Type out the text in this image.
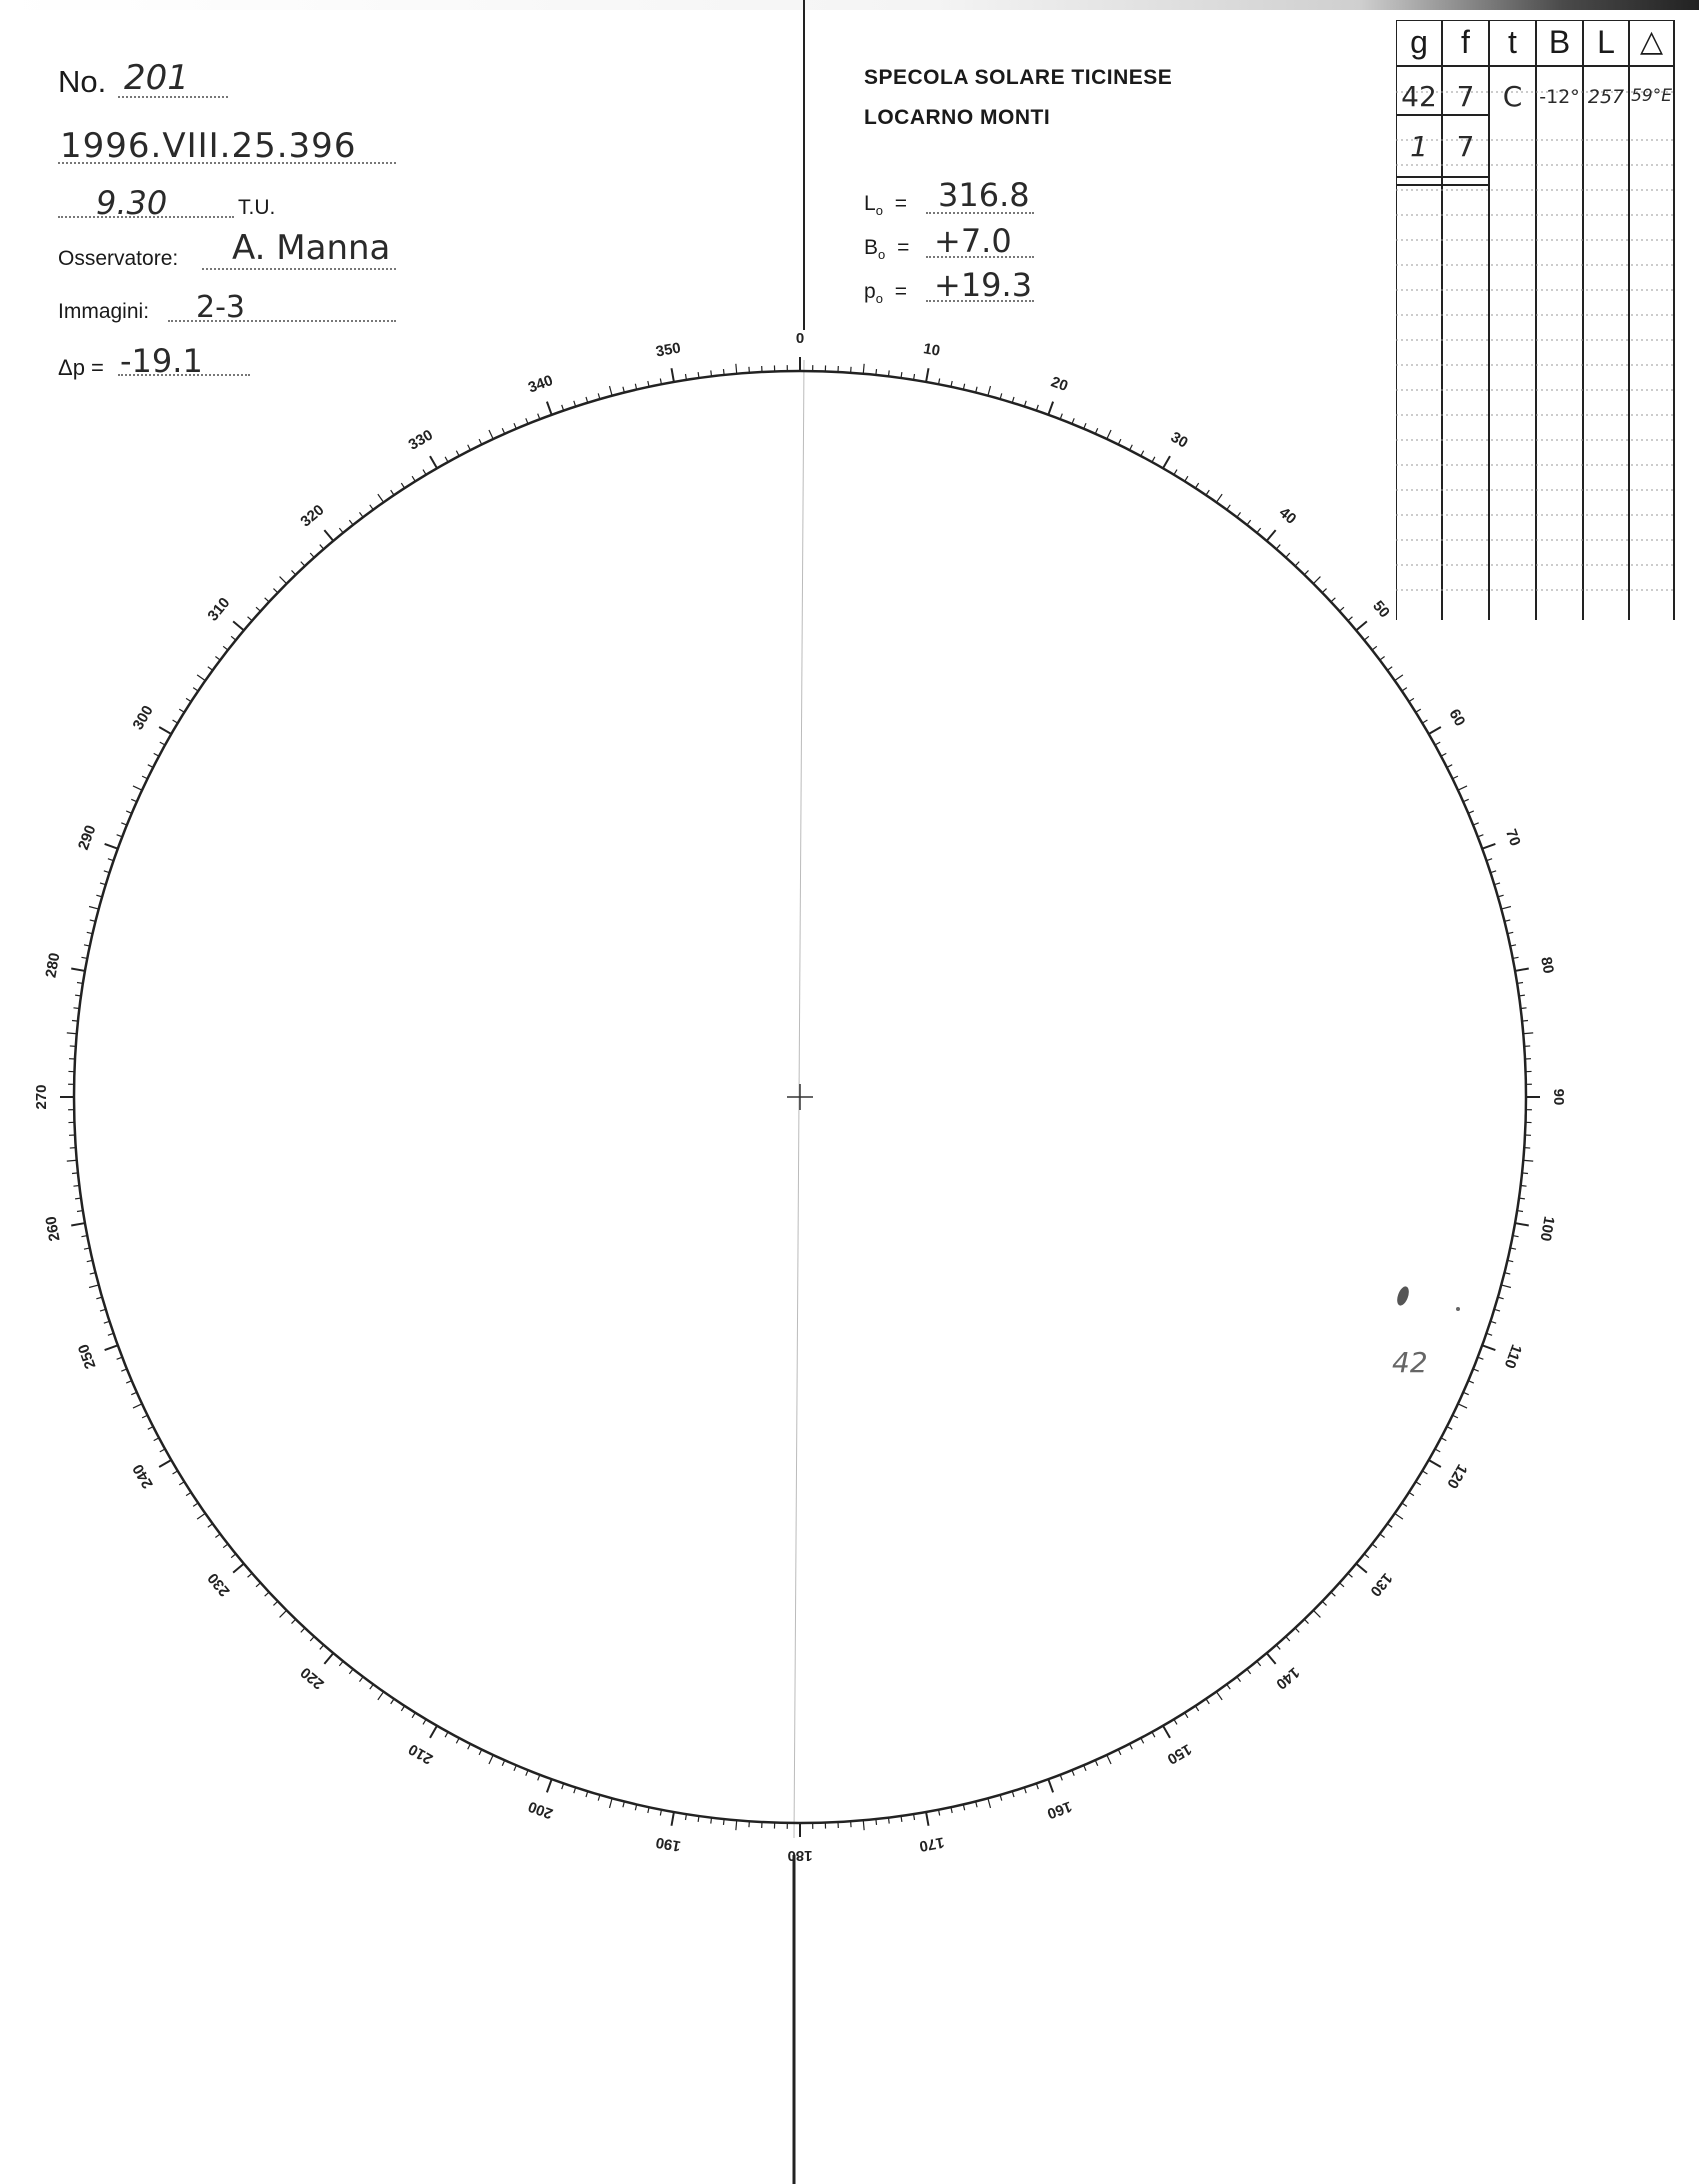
No. 201
1996.VIII.25.396
9.30	T.U.
Osservatore: A. Manna
Immagini: 2-3
Δp = -19.1
SPECOLA SOLARE TICINESE
LOCARNO MONTI
$L_o = 316.8$
$B_o = +7.0$
$p_o = +19.3$
g	f	t B L △
42 7	C -12° 257 59°E
1	7
0
10
20
30
40
50
60
70
80
90
100
110
120
130
140
150
160
170
180
190
200
210
220
230
240
250
260
270
280
290
300
310
320
330
340
350
42
